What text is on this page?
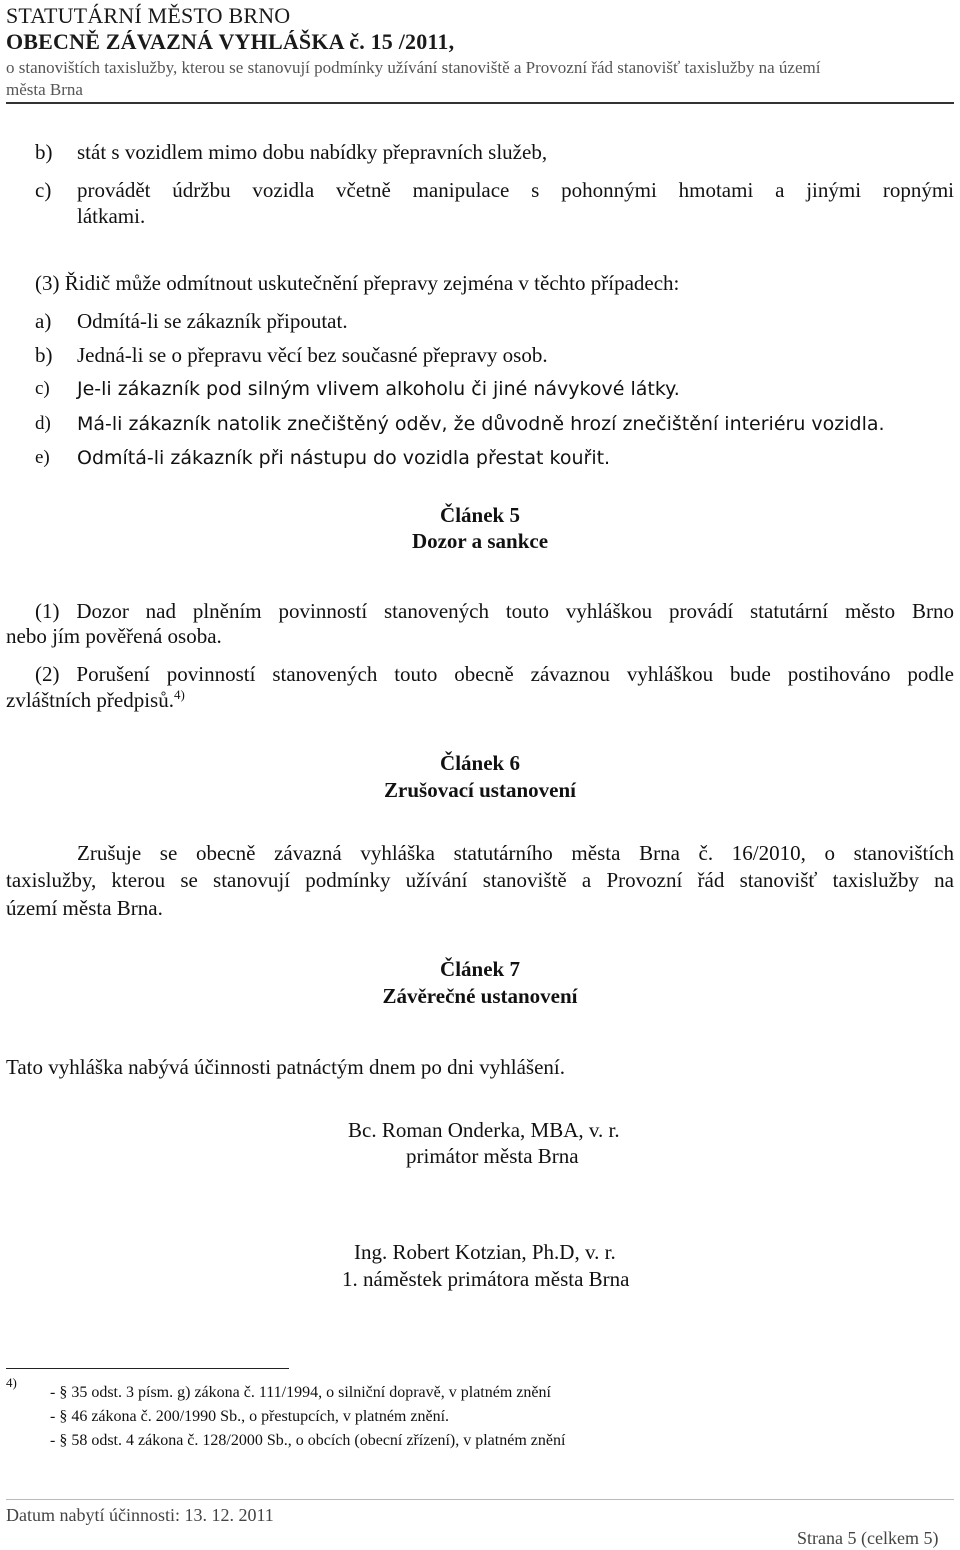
STATUTÁRNÍ MĚSTO BRNO
OBECNĚ ZÁVAZNÁ VYHLÁŠKA č. 15 /2011,
o stanovištích taxislužby, kterou se stanovují podmínky užívání stanoviště a Provozní řád stanovišť taxislužby na území
města Brna
b) stát s vozidlem mimo dobu nabídky přepravních služeb,
c) provádět údržbu vozidla včetně manipulace s pohonnými hmotami a jinými ropnými
látkami.
(3) Řidič může odmítnout uskutečnění přepravy zejména v těchto případech:
a) Odmítá-li se zákazník připoutat.
b) Jedná-li se o přepravu věcí bez současné přepravy osob.
c) Je-li zákazník pod silným vlivem alkoholu či jiné návykové látky.
d) Má-li zákazník natolik znečištěný oděv, že důvodně hrozí znečištění interiéru vozidla.
e) Odmítá-li zákazník při nástupu do vozidla přestat kouřit.
Článek 5
Dozor a sankce
(1) Dozor nad plněním povinností stanovených touto vyhláškou provádí statutární město Brno
nebo jím pověřená osoba.
(2) Porušení povinností stanovených touto obecně závaznou vyhláškou bude postihováno podle
zvláštních předpisů.$^{4)}$
Článek 6
Zrušovací ustanovení
Zrušuje se obecně závazná vyhláška statutárního města Brna č. 16/2010, o stanovištích
taxislužby, kterou se stanovují podmínky užívání stanoviště a Provozní řád stanovišť taxislužby na
území města Brna.
Článek 7
Závěrečné ustanovení
Tato vyhláška nabývá účinnosti patnáctým dnem po dni vyhlášení.
Bc. Roman Onderka, MBA, v. r.
primátor města Brna
Ing. Robert Kotzian, Ph.D, v. r.
1. náměstek primátora města Brna
4)
- § 35 odst. 3 písm. g) zákona č. 111/1994, o silniční dopravě, v platném znění
- § 46 zákona č. 200/1990 Sb., o přestupcích, v platném znění.
- § 58 odst. 4 zákona č. 128/2000 Sb., o obcích (obecní zřízení), v platném znění
Datum nabytí účinnosti: 13. 12. 2011
Strana 5 (celkem 5)
